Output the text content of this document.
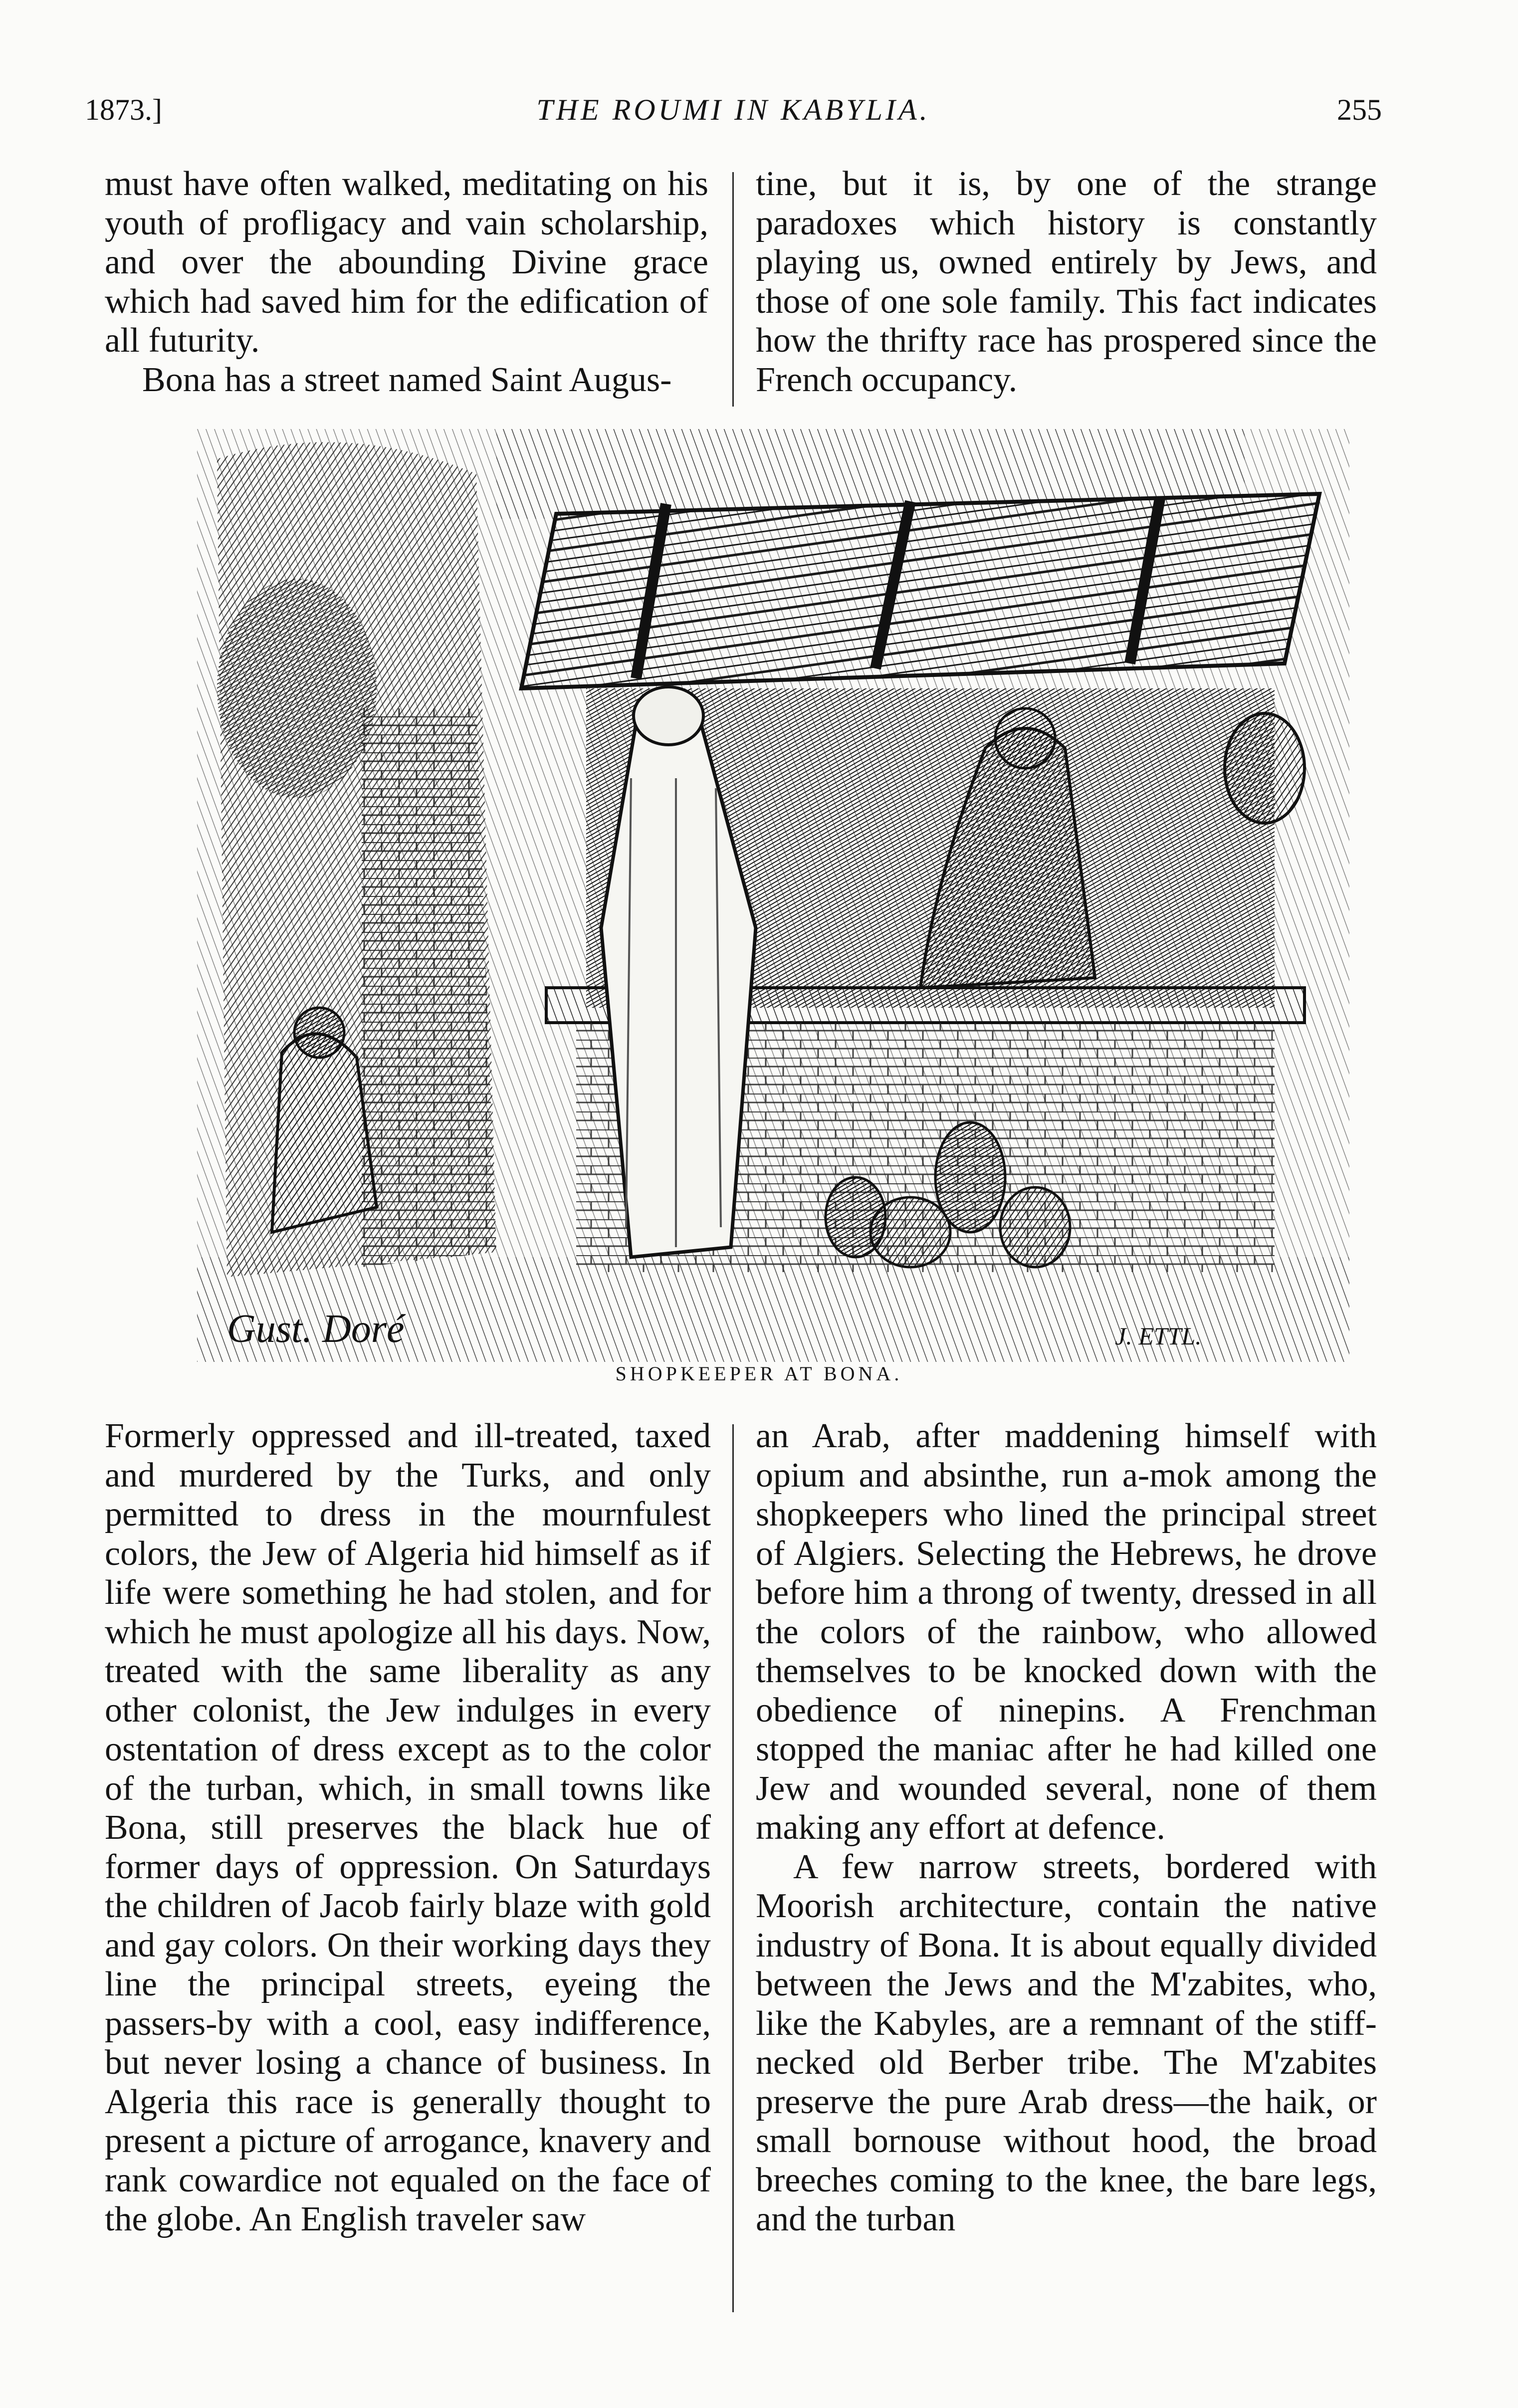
1873.]	THE ROUMI IN KABYLIA.	255

must have often walked, meditating on his youth of profligacy and vain scholarship, and over the abounding Divine grace which had saved him for the edification of all futurity.

Bona has a street named Saint Augus-

tine, but it is, by one of the strange paradoxes which history is constantly playing us, owned entirely by Jews, and those of one sole family. This fact indicates how the thrifty race has prospered since the French occupancy.

Gust. Doré	J. ETTL.
SHOPKEEPER AT BONA.

Formerly oppressed and ill-treated, taxed and murdered by the Turks, and only permitted to dress in the mournfulest colors, the Jew of Algeria hid himself as if life were something he had stolen, and for which he must apologize all his days. Now, treated with the same liberality as any other colonist, the Jew indulges in every ostentation of dress except as to the color of the turban, which, in small towns like Bona, still preserves the black hue of former days of oppression. On Saturdays the children of Jacob fairly blaze with gold and gay colors. On their working days they line the principal streets, eyeing the passers-by with a cool, easy indifference, but never losing a chance of business. In Algeria this race is generally thought to present a picture of arrogance, knavery and rank cowardice not equaled on the face of the globe. An English traveler saw

an Arab, after maddening himself with opium and absinthe, run a-mok among the shopkeepers who lined the principal street of Algiers. Selecting the Hebrews, he drove before him a throng of twenty, dressed in all the colors of the rainbow, who allowed themselves to be knocked down with the obedience of ninepins. A Frenchman stopped the maniac after he had killed one Jew and wounded several, none of them making any effort at defence.

A few narrow streets, bordered with Moorish architecture, contain the native industry of Bona. It is about equally divided between the Jews and the M'zabites, who, like the Kabyles, are a remnant of the stiff-necked old Berber tribe. The M'zabites preserve the pure Arab dress—the haik, or small bornouse without hood, the broad breeches coming to the knee, the bare legs, and the turban
